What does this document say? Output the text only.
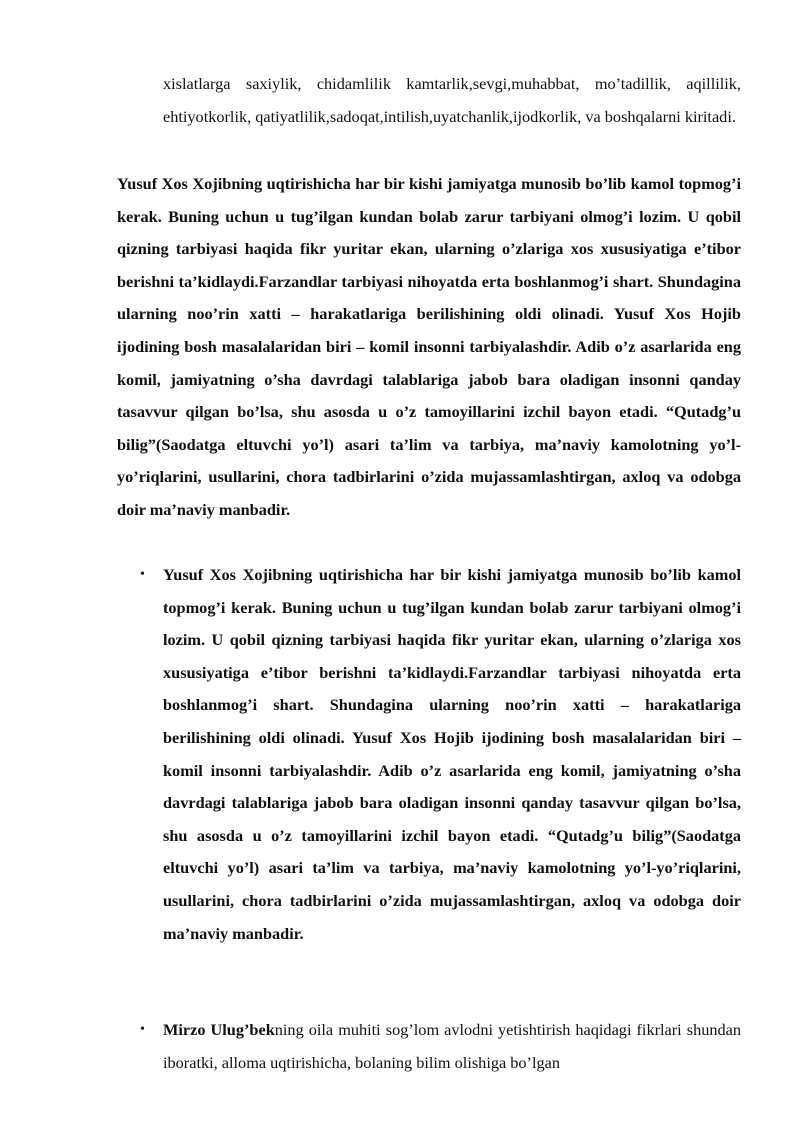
xislatlarga saxiylik, chidamlilik kamtarlik,sevgi,muhabbat, mo’tadillik, aqillilik, ehtiyotkorlik, qatiyatlilik,sadoqat,intilish,uyatchanlik,ijodkorlik, va boshqalarni kiritadi.
Yusuf Xos Xojibning uqtirishicha har bir kishi jamiyatga munosib bo’lib kamol topmog’i kerak. Buning uchun u tug’ilgan kundan bolab zarur tarbiyani olmog’i lozim. U qobil qizning tarbiyasi haqida fikr yuritar ekan, ularning o’zlariga xos xususiyatiga e’tibor berishni ta’kidlaydi.Farzandlar tarbiyasi nihoyatda erta boshlanmog’i shart. Shundagina ularning noo’rin xatti – harakatlariga berilishining oldi olinadi. Yusuf Xos Hojib ijodining bosh masalalaridan biri – komil insonni tarbiyalashdir. Adib o’z asarlarida eng komil, jamiyatning o’sha davrdagi talablariga jabob bara oladigan insonni qanday tasavvur qilgan bo’lsa, shu asosda u o’z tamoyillarini izchil bayon etadi. “Qutadg’u bilig”(Saodatga eltuvchi yo’l) asari ta’lim va tarbiya, ma’naviy kamolotning yo’l-yo’riqlarini, usullarini, chora tadbirlarini o’zida mujassamlashtirgan, axloq va odobga doir ma’naviy manbadir.
• Yusuf Xos Xojibning uqtirishicha har bir kishi jamiyatga munosib bo’lib kamol topmog’i kerak. Buning uchun u tug’ilgan kundan bolab zarur tarbiyani olmog’i lozim. U qobil qizning tarbiyasi haqida fikr yuritar ekan, ularning o’zlariga xos xususiyatiga e’tibor berishni ta’kidlaydi.Farzandlar tarbiyasi nihoyatda erta boshlanmog’i shart. Shundagina ularning noo’rin xatti – harakatlariga berilishining oldi olinadi. Yusuf Xos Hojib ijodining bosh masalalaridan biri – komil insonni tarbiyalashdir. Adib o’z asarlarida eng komil, jamiyatning o’sha davrdagi talablariga jabob bara oladigan insonni qanday tasavvur qilgan bo’lsa, shu asosda u o’z tamoyillarini izchil bayon etadi. “Qutadg’u bilig”(Saodatga eltuvchi yo’l) asari ta’lim va tarbiya, ma’naviy kamolotning yo’l-yo’riqlarini, usullarini, chora tadbirlarini o’zida mujassamlashtirgan, axloq va odobga doir ma’naviy manbadir.
• Mirzo Ulug’bekning oila muhiti sog’lom avlodni yetishtirish haqidagi fikrlari shundan iboratki, alloma uqtirishicha, bolaning bilim olishiga bo’lgan
